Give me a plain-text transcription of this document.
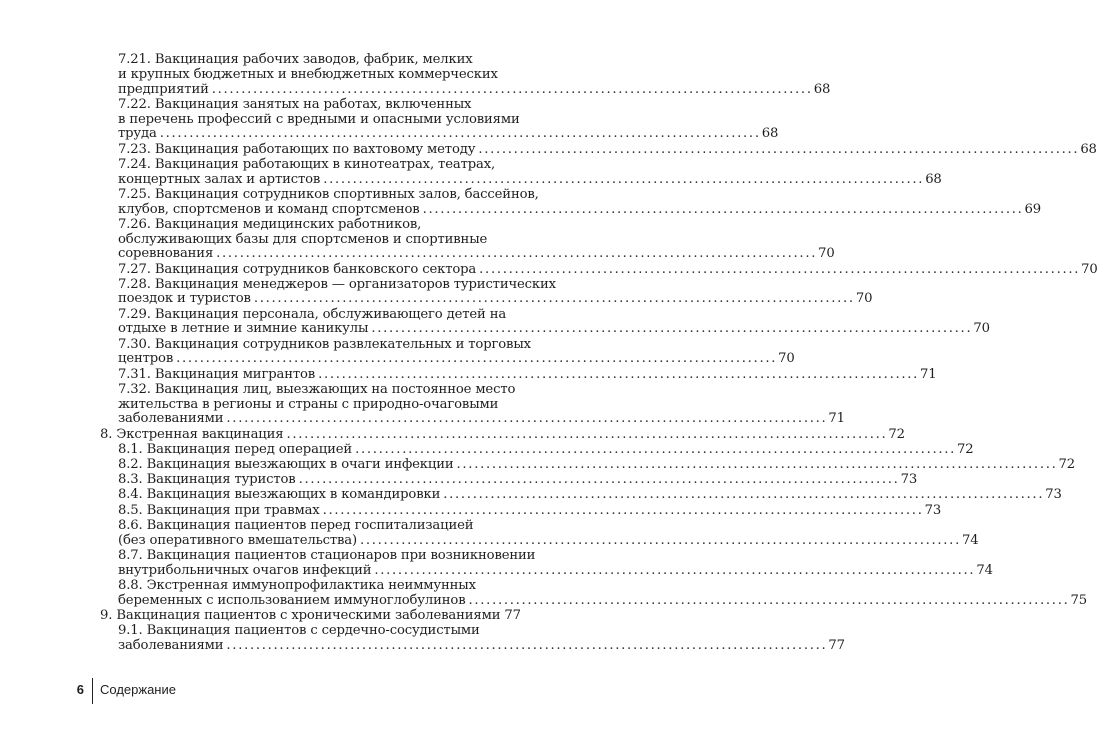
7.21. Вакцинация рабочих заводов, фабрик, мелких
и крупных бюджетных и внебюджетных коммерческих
предприятий ...................................................................................................... 68
7.22. Вакцинация занятых на работах, включенных
в перечень профессий с вредными и опасными условиями
труда ...................................................................................................... 68
7.23. Вакцинация работающих по вахтовому методу ...................................................................................................... 68
7.24. Вакцинация работающих в кинотеатрах, театрах,
концертных залах и артистов ...................................................................................................... 68
7.25. Вакцинация сотрудников спортивных залов, бассейнов,
клубов, спортсменов и команд спортсменов ...................................................................................................... 69
7.26. Вакцинация медицинских работников,
обслуживающих базы для спортсменов и спортивные
соревнования ...................................................................................................... 70
7.27. Вакцинация сотрудников банковского сектора ...................................................................................................... 70
7.28. Вакцинация менеджеров — организаторов туристических
поездок и туристов ...................................................................................................... 70
7.29. Вакцинация персонала, обслуживающего детей на
отдыхе в летние и зимние каникулы ...................................................................................................... 70
7.30. Вакцинация сотрудников развлекательных и торговых
центров ...................................................................................................... 70
7.31. Вакцинация мигрантов ...................................................................................................... 71
7.32. Вакцинация лиц, выезжающих на постоянное место
жительства в регионы и страны с природно-очаговыми
заболеваниями ...................................................................................................... 71
8. Экстренная вакцинация ...................................................................................................... 72
8.1. Вакцинация перед операцией ...................................................................................................... 72
8.2. Вакцинация выезжающих в очаги инфекции ...................................................................................................... 72
8.3. Вакцинация туристов ...................................................................................................... 73
8.4. Вакцинация выезжающих в командировки ...................................................................................................... 73
8.5. Вакцинация при травмах ...................................................................................................... 73
8.6. Вакцинация пациентов перед госпитализацией
(без оперативного вмешательства) ...................................................................................................... 74
8.7. Вакцинация пациентов стационаров при возникновении
внутрибольничных очагов инфекций ...................................................................................................... 74
8.8. Экстренная иммунопрофилактика неиммунных
беременных с использованием иммуноглобулинов ...................................................................................................... 75
9. Вакцинация пациентов с хроническими заболеваниями 77
9.1. Вакцинация пациентов с сердечно-сосудистыми
заболеваниями ...................................................................................................... 77
6 Содержание
